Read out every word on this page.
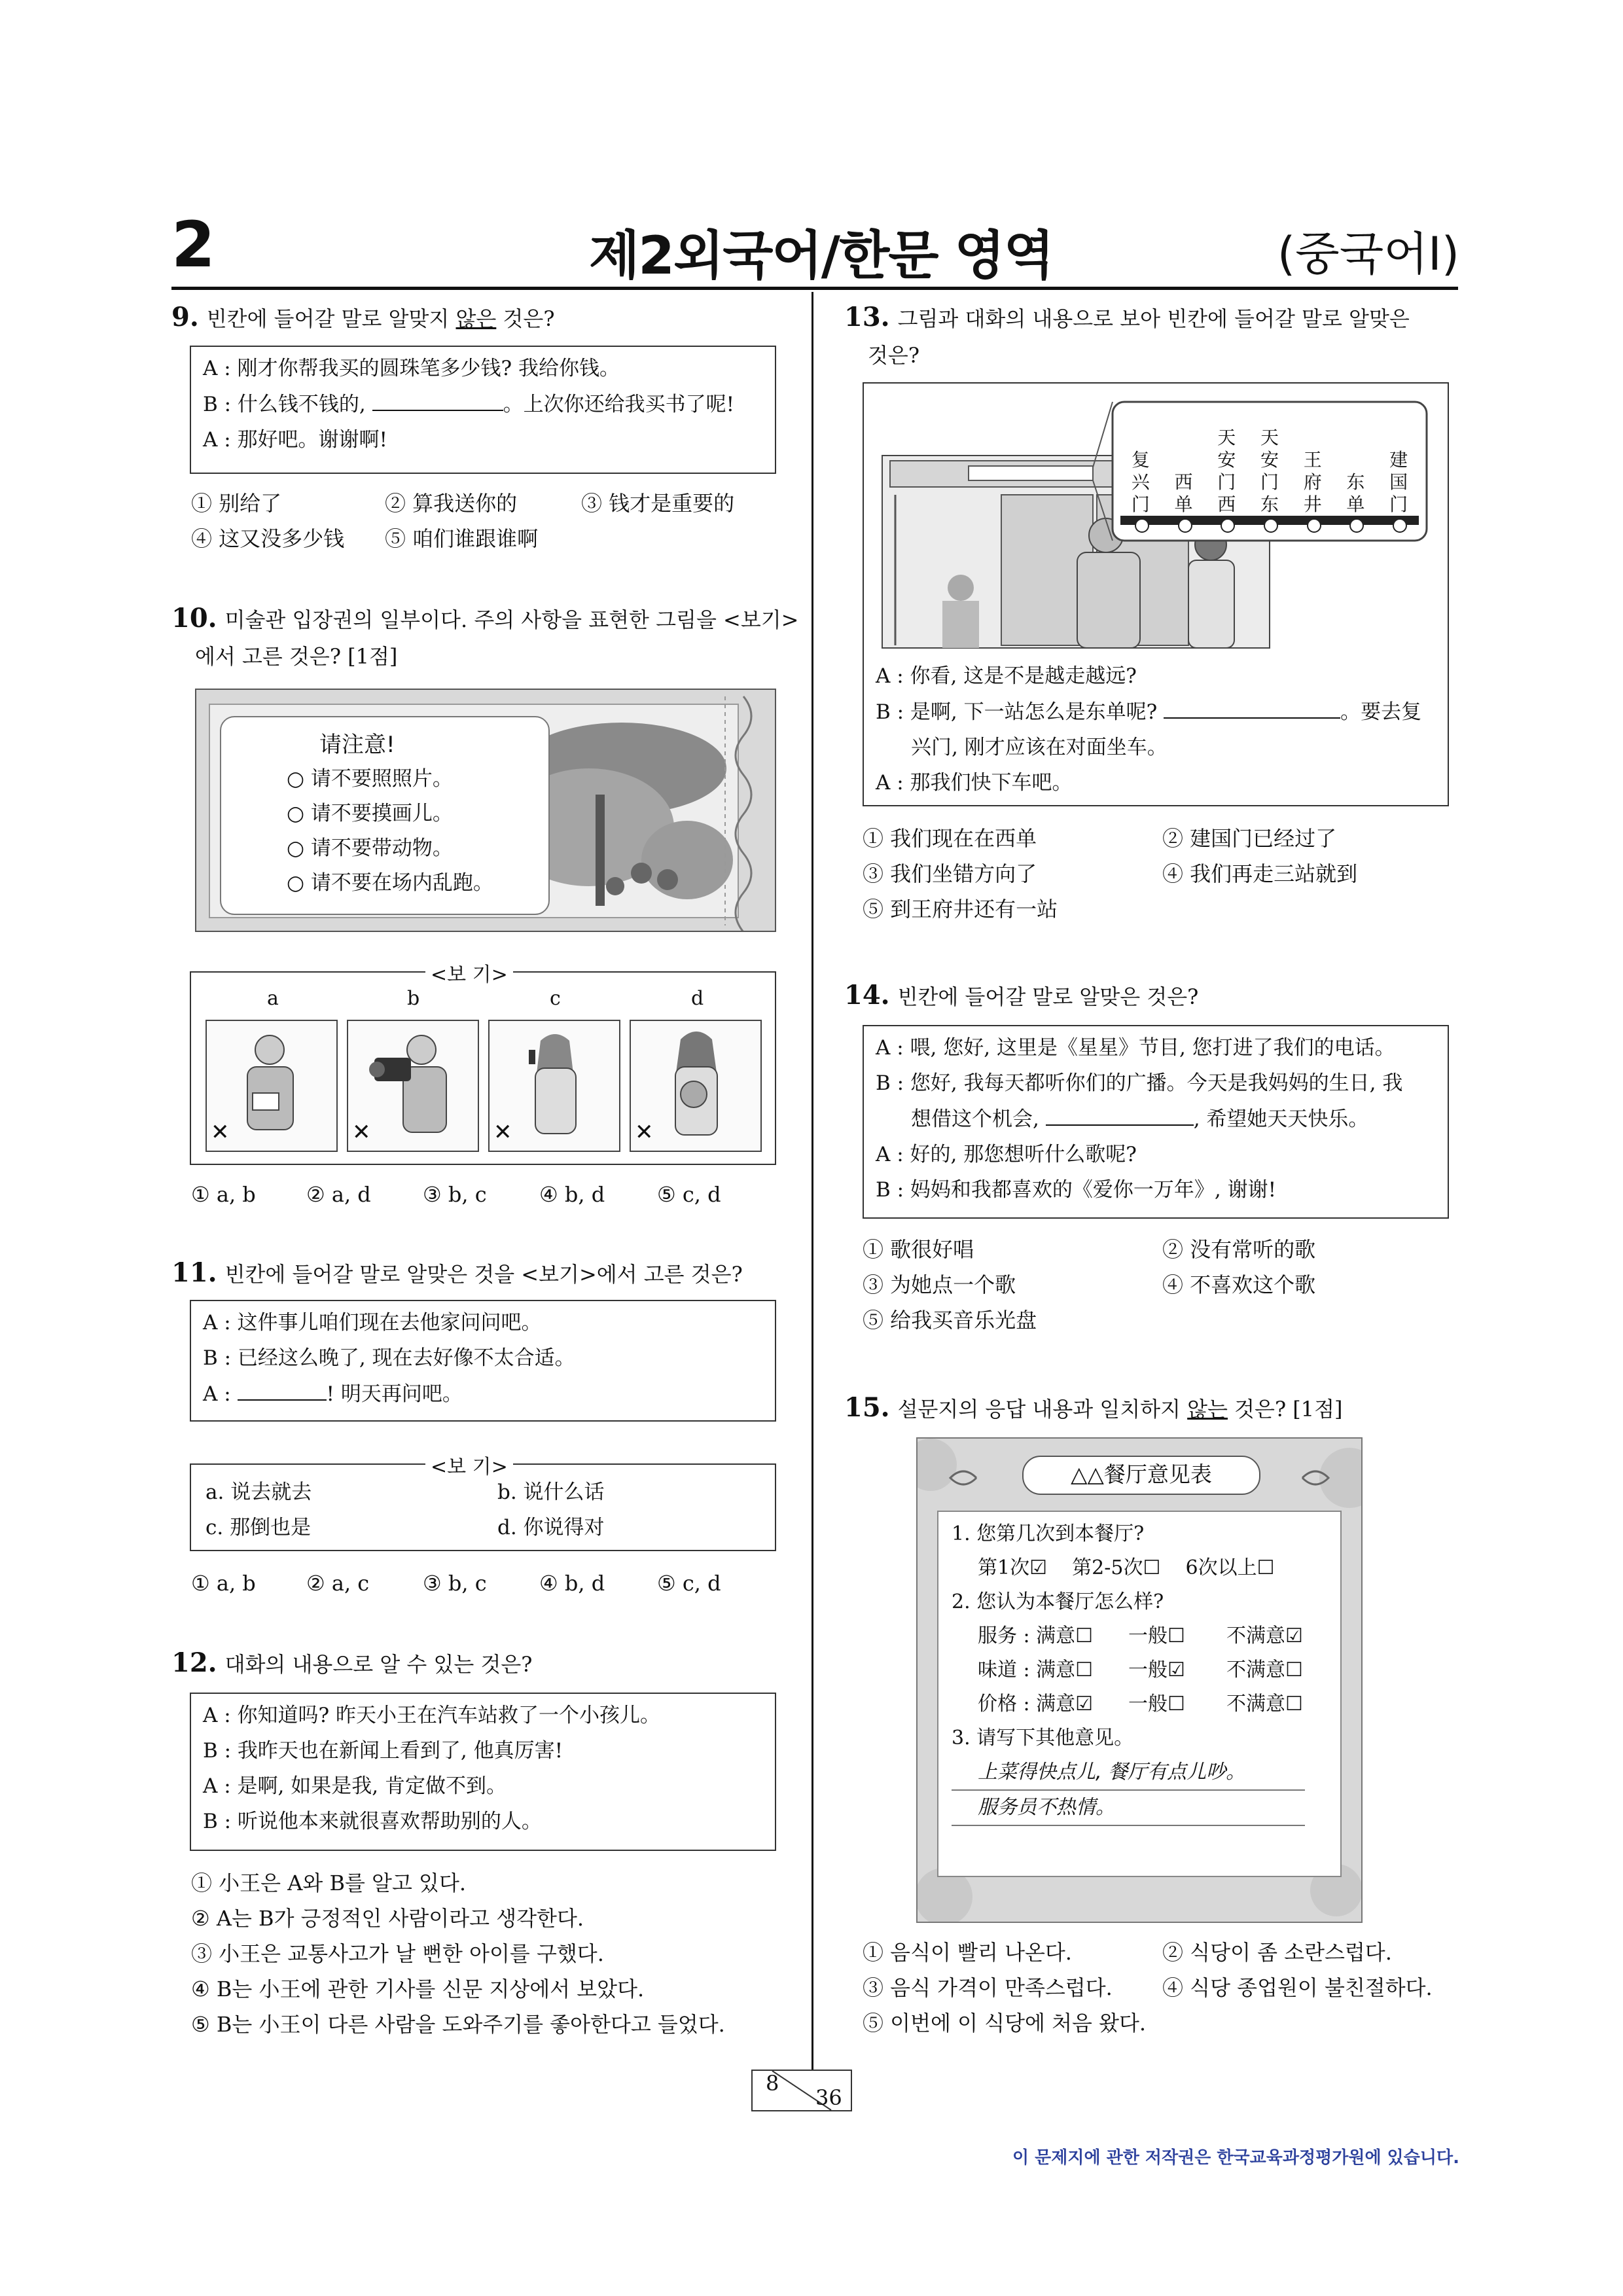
2	제2외국어/한문 영역	(중국어Ⅰ)
9. 빈칸에 들어갈 말로 알맞지 않은 것은?
A : 刚才你帮我买的圆珠笔多少钱? 我给你钱。
B : 什么钱不钱的,	。上次你还给我买书了呢!
A : 那好吧。谢谢啊!
① 别给了	② 算我送你的	③ 钱才是重要的
④ 这又没多少钱 ⑤ 咱们谁跟谁啊
10. 미술관 입장권의 일부이다. 주의 사항을 표현한 그림을 <보기>
에서 고른 것은? [1점]
请注意!
○ 请不要照照片。
○ 请不要摸画儿。
○ 请不要带动物。
○ 请不要在场内乱跑。
<보 기>
a	b	c	d
✕	✕	✕	✕
① a, b ② a, d ③ b, c	④ b, d ⑤ c, d
11. 빈칸에 들어갈 말로 알맞은 것을 <보기>에서 고른 것은?
A : 这件事儿咱们现在去他家问问吧。
B : 已经这么晚了, 现在去好像不太合适。
A :	! 明天再问吧。
<보 기>
a. 说去就去	b. 说什么话
c. 那倒也是	d. 你说得对
① a, b ② a, c	③ b, c	④ b, d ⑤ c, d
12. 대화의 내용으로 알 수 있는 것은?
A : 你知道吗? 昨天小王在汽车站救了一个小孩儿。
B : 我昨天也在新闻上看到了, 他真厉害!
A : 是啊, 如果是我, 肯定做不到。
B : 听说他本来就很喜欢帮助别的人。
① 小王은 A와 B를 알고 있다.
② A는 B가 긍정적인 사람이라고 생각한다.
③ 小王은 교통사고가 날 뻔한 아이를 구했다.
④ B는 小王에 관한 기사를 신문 지상에서 보았다.
⑤ B는 小王이 다른 사람을 도와주기를 좋아한다고 들었다.
13. 그림과 대화의 내용으로 보아 빈칸에 들어갈 말로 알맞은
것은?
复
兴
门
西
单
天
安
门
西
天
安
门
东
王
府
井
东
单
建
国
门
A : 你看, 这是不是越走越远?
B : 是啊, 下一站怎么是东单呢?	。要去复
兴门, 刚才应该在对面坐车。
A : 那我们快下车吧。
① 我们现在在西单	② 建国门已经过了
③ 我们坐错方向了	④ 我们再走三站就到
⑤ 到王府井还有一站
14. 빈칸에 들어갈 말로 알맞은 것은?
A : 喂, 您好, 这里是《星星》节目, 您打进了我们的电话。
B : 您好, 我每天都听你们的广播。今天是我妈妈的生日, 我
想借这个机会,	, 希望她天天快乐。
A : 好的, 那您想听什么歌呢?
B : 妈妈和我都喜欢的《爱你一万年》, 谢谢!
① 歌很好唱	② 没有常听的歌
③ 为她点一个歌	④ 不喜欢这个歌
⑤ 给我买音乐光盘
15. 설문지의 응답 내용과 일치하지 않는 것은? [1점]
△△餐厅意见表
1. 您第几次到本餐厅?
第1次☑ 第2-5次☐ 6次以上☐
2. 您认为本餐厅怎么样?
服务 : 满意☐ 一般☐ 不满意☑
味道 : 满意☐ 一般☑ 不满意☐
价格 : 满意☑ 一般☐ 不满意☐
3. 请写下其他意见。
上菜得快点儿, 餐厅有点儿吵。
服务员不热情。
① 음식이 빨리 나온다.	② 식당이 좀 소란스럽다.
③ 음식 가격이 만족스럽다. ④ 식당 종업원이 불친절하다.
⑤ 이번에 이 식당에 처음 왔다.
8
36
이 문제지에 관한 저작권은 한국교육과정평가원에 있습니다.
